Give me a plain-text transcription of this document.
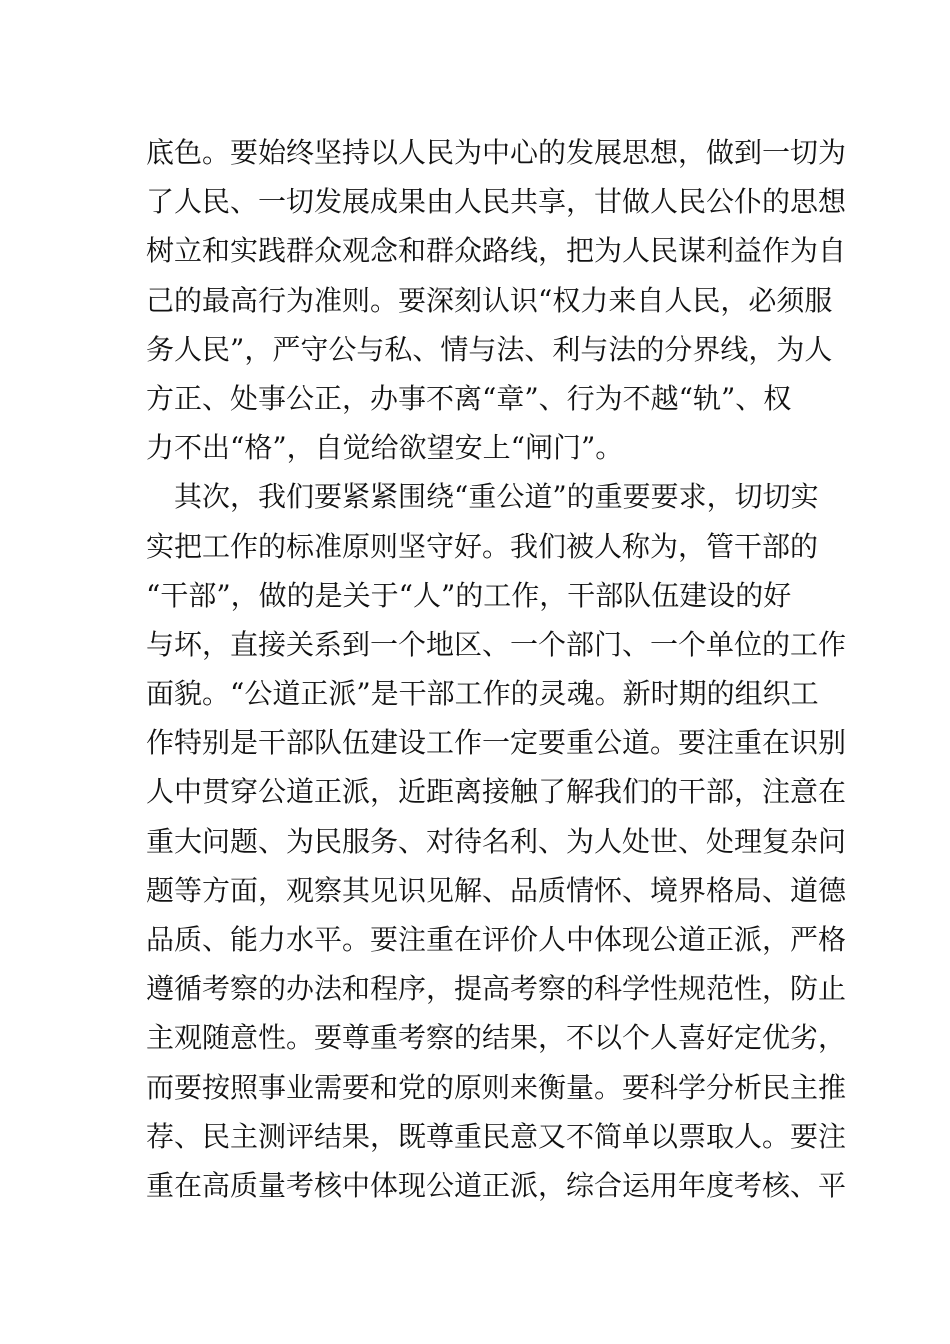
底色。要始终坚持以人民为中心的发展思想，做到一切为
了人民、一切发展成果由人民共享，甘做人民公仆的思想
树立和实践群众观念和群众路线，把为人民谋利益作为自
己的最高行为准则。要深刻认识“权力来自人民，必须服
务人民”，严守公与私、情与法、利与法的分界线，为人
方正、处事公正，办事不离“章”、行为不越“轨”、权
力不出“格”，自觉给欲望安上“闸门”。
　其次，我们要紧紧围绕“重公道”的重要要求，切切实
实把工作的标准原则坚守好。我们被人称为，管干部的
“干部”，做的是关于“人”的工作，干部队伍建设的好
与坏，直接关系到一个地区、一个部门、一个单位的工作
面貌。“公道正派”是干部工作的灵魂。新时期的组织工
作特别是干部队伍建设工作一定要重公道。要注重在识别
人中贯穿公道正派，近距离接触了解我们的干部，注意在
重大问题、为民服务、对待名利、为人处世、处理复杂问
题等方面，观察其见识见解、品质情怀、境界格局、道德
品质、能力水平。要注重在评价人中体现公道正派，严格
遵循考察的办法和程序，提高考察的科学性规范性，防止
主观随意性。要尊重考察的结果，不以个人喜好定优劣，
而要按照事业需要和党的原则来衡量。要科学分析民主推
荐、民主测评结果，既尊重民意又不简单以票取人。要注
重在高质量考核中体现公道正派，综合运用年度考核、平
